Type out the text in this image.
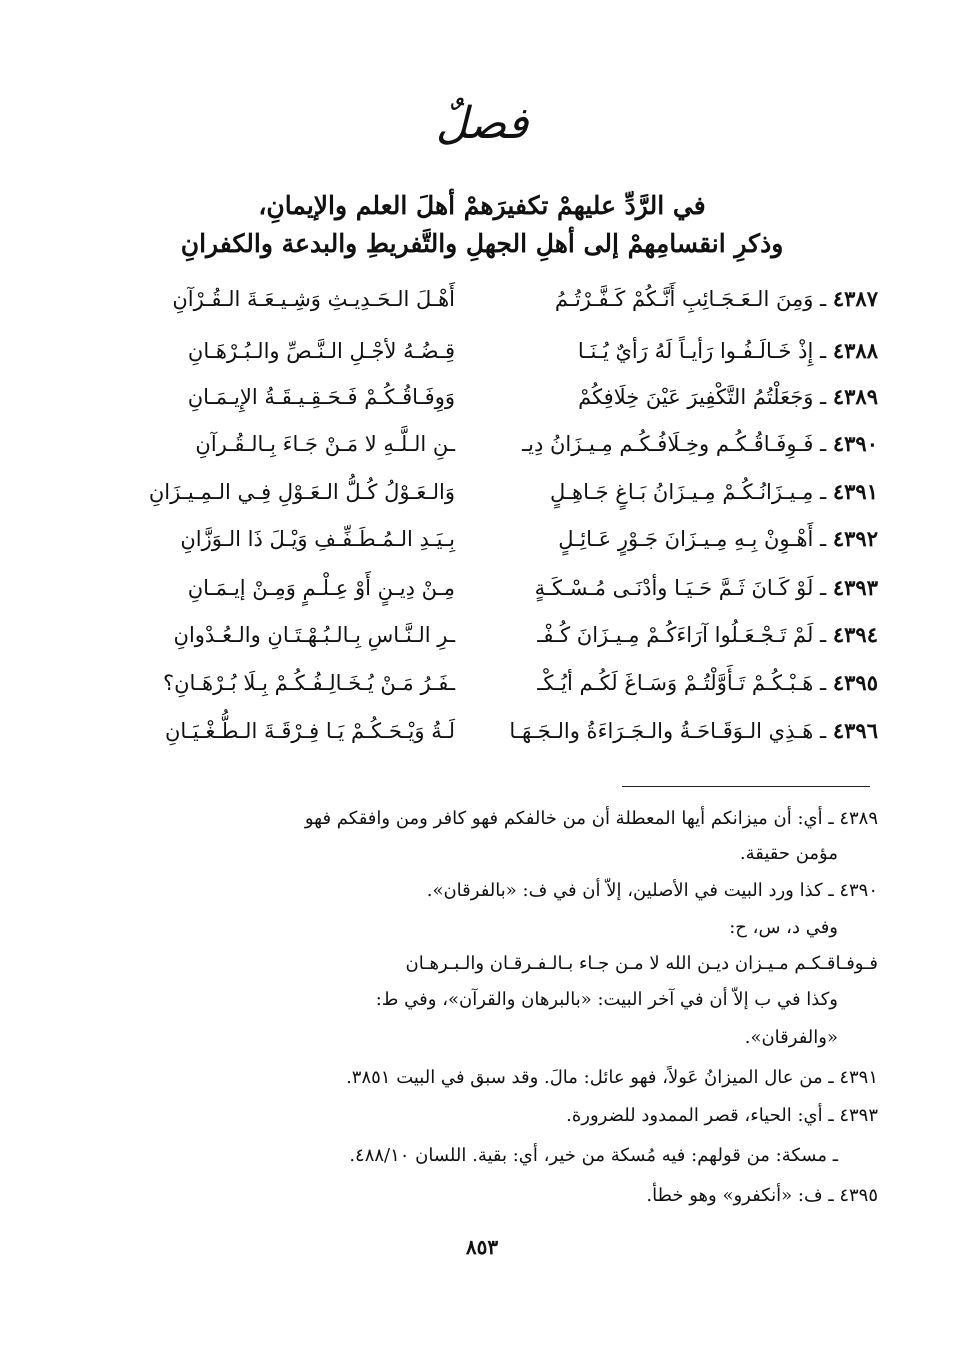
فصلٌ
في الرَّدِّ عليهمْ تكفيرَهمْ أهلَ العلم والإيمانِ،
وذكرِ انقسامِهمْ إلى أهلِ الجهلِ والتَّفريطِ والبدعة والكفرانِ
٤٣٨٧ ـ وَمِنَ الـعَـجَـائِبِ أَنَّـكُمْ كَـفَّـرْتُـمُ
أَهْـلَ الـحَـدِيـثِ وَشِـيـعَـةَ الـقُـرْآنِ
٤٣٨٨ ـ إِذْ خَـالَـفُـوا رَأيـاً لَهُ رَأيٌ يُـنَـا
قِـضُـهُ لأجْـلِ الـنَّـصِّ والـبُـرْهَـانِ
٤٣٨٩ ـ وَجَعَلْتُمُ التَّكْفِيرَ عَيْنَ خِلَافِكُمْ
وَوِفَـاقُـكُـمْ فَـحَـقِـيـقَـةُ الإِيـمَـانِ
٤٣٩٠ ـ فَـوِفَـاقُـكُـم وخِـلَافُـكُـم مِـيـزَانُ دِيـ
ـنِ الـلَّـهِ لا مَـنْ جَـاءَ بِـالـقُـرآنِ
٤٣٩١ ـ مِـيـزَانُـكُـمْ مِـيـزَانُ بَـاغٍ جَـاهِـلٍ
وَالـعَـوْلُ كُـلُّ الـعَـوْلِ فِـي الـمِـيـزَانِ
٤٣٩٢ ـ أَهْـوِنْ بِـهِ مِـيـزَانَ جَـوْرٍ عَـائِـلٍ
بِـيَـدِ الـمُـطَـفِّـفِ وَيْـلَ ذَا الـوَزَّانِ
٤٣٩٣ ـ لَوْ كَـانَ ثَـمَّ حَـيَـا وأدْنَـى مُـسْـكَـةٍ
مِـنْ دِيـنٍ أَوْ عِـلْـمٍ وَمِـنْ إيـمَـانِ
٤٣٩٤ ـ لَمْ تَـجْـعَـلُوا آرَاءَكُـمْ مِـيـزَانَ كُـفْـ
ـرِ الـنَّـاسِ بِـالـبُـهْـتَـانِ والـعُـدْوانِ
٤٣٩٥ ـ هَـبْـكُـمْ تَـأَوَّلْتُـمْ وَسَـاغَ لَكُـم أيُـكْـ
ـفَـرُ مَـنْ يُـخَـالِـفُـكُـمْ بِـلَا بُـرْهَـانِ؟
٤٣٩٦ ـ هَـذِي الـوَقَـاحَـةُ والـجَـرَاءَةُ والـجَـهَـا
لَـةُ وَيْـحَـكُـمْ يَـا فِـرْقَـةَ الـطُّـغْـيَـانِ
٤٣٨٩ ـ أي: أن ميزانكم أيها المعطلة أن من خالفكم فهو كافر ومن وافقكم فهو
مؤمن حقيقة.
٤٣٩٠ ـ كذا ورد البيت في الأصلين، إلاّ أن في ف: «بالفرقان».
وفي د، س، ح:
فـوفـاقـكـم مـيـزان ديـن الله لا مـن جـاء بـالـفـرقـان والـبـرهـان
وكذا في ب إلاّ أن في آخر البيت: «بالبرهان والقرآن»، وفي ط:
«والفرقان».
٤٣٩١ ـ من عال الميزانُ عَولاً، فهو عائل: مالَ. وقد سبق في البيت ٣٨٥١.
٤٣٩٣ ـ أي: الحياء، قصر الممدود للضرورة.
ـ مسكة: من قولهم: فيه مُسكة من خير، أي: بقية. اللسان ٤٨٨/١٠.
٤٣٩٥ ـ ف: «أنكفرو» وهو خطأ.
٨٥٣
